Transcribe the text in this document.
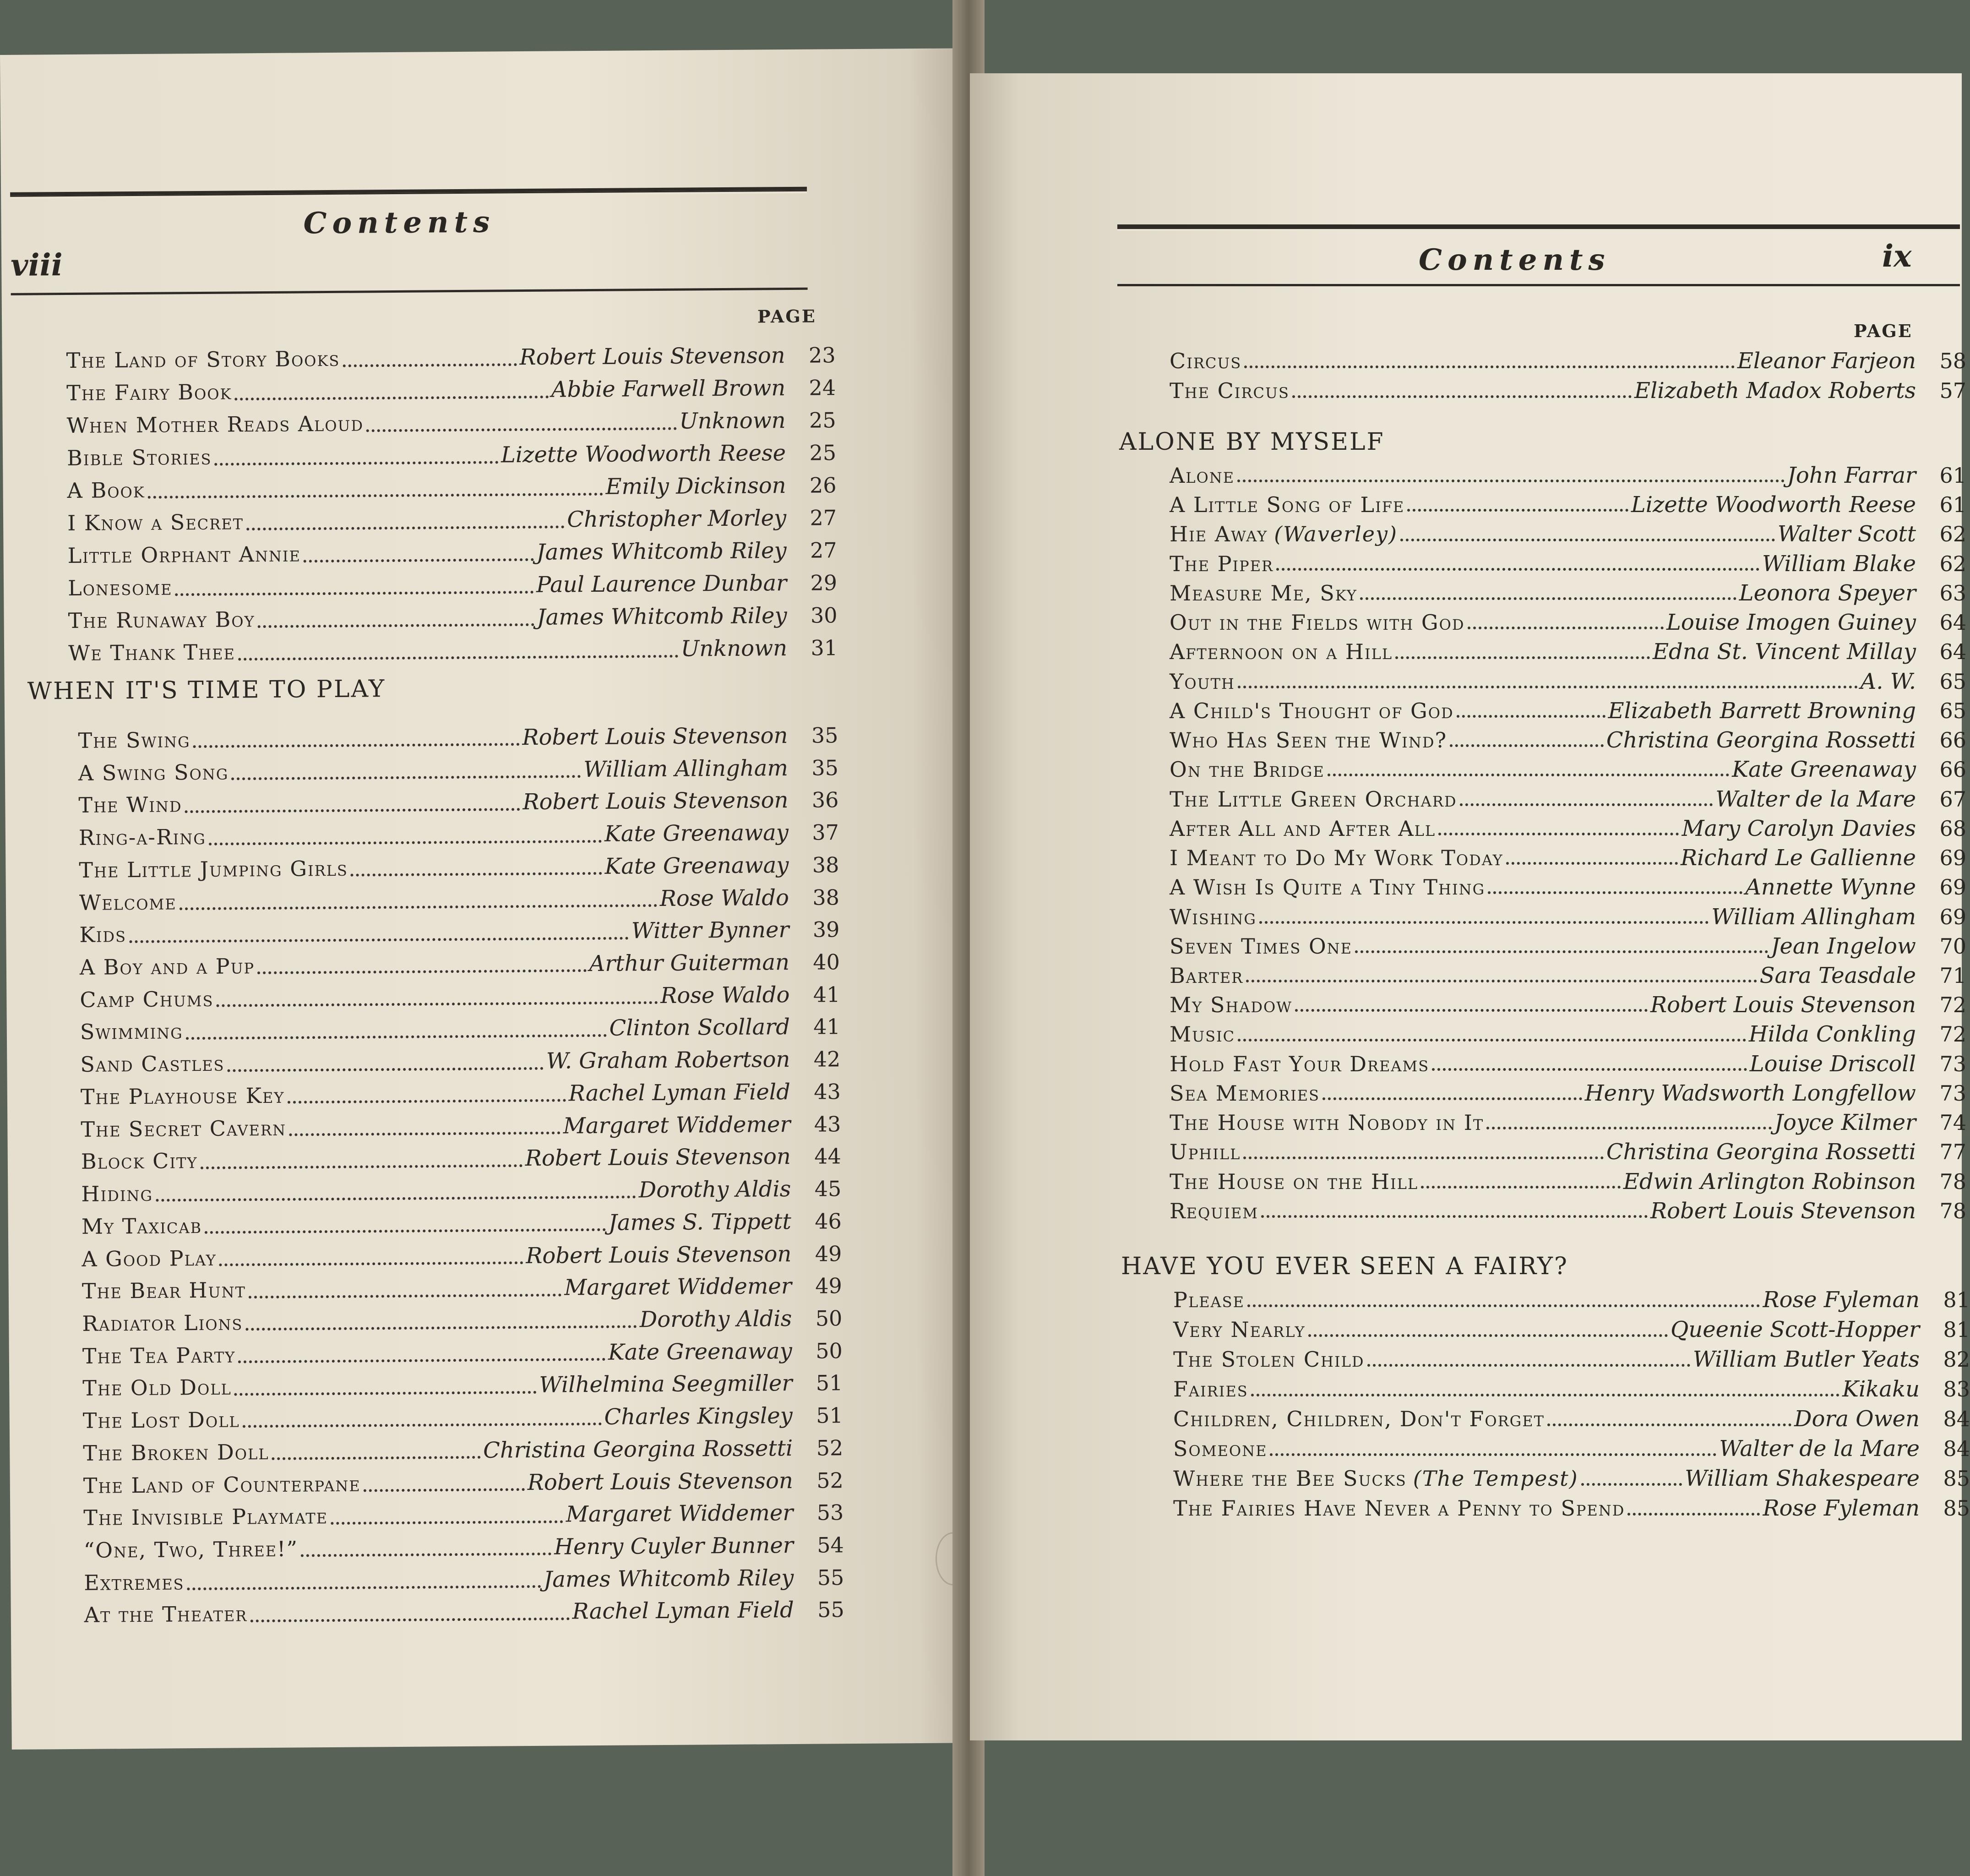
Contents
viii
PAGE
The Land of Story Books	Robert Louis Stevenson	23
The Fairy Book	Abbie Farwell Brown	24
When Mother Reads Aloud	Unknown	25
Bible Stories	Lizette Woodworth Reese	25
A Book	Emily Dickinson	26
I Know a Secret	Christopher Morley	27
Little Orphant Annie	James Whitcomb Riley	27
Lonesome	Paul Laurence Dunbar	29
The Runaway Boy	James Whitcomb Riley	30
We Thank Thee	Unknown	31
WHEN IT'S TIME TO PLAY
The Swing	Robert Louis Stevenson	35
A Swing Song	William Allingham	35
The Wind	Robert Louis Stevenson	36
Ring-a-Ring	Kate Greenaway	37
The Little Jumping Girls	Kate Greenaway	38
Welcome	Rose Waldo	38
Kids	Witter Bynner	39
A Boy and a Pup	Arthur Guiterman	40
Camp Chums	Rose Waldo	41
Swimming	Clinton Scollard	41
Sand Castles	W. Graham Robertson	42
The Playhouse Key	Rachel Lyman Field	43
The Secret Cavern	Margaret Widdemer	43
Block City	Robert Louis Stevenson	44
Hiding	Dorothy Aldis	45
My Taxicab	James S. Tippett	46
A Good Play	Robert Louis Stevenson	49
The Bear Hunt	Margaret Widdemer	49
Radiator Lions	Dorothy Aldis	50
The Tea Party	Kate Greenaway	50
The Old Doll	Wilhelmina Seegmiller	51
The Lost Doll	Charles Kingsley	51
The Broken Doll	Christina Georgina Rossetti	52
The Land of Counterpane	Robert Louis Stevenson	52
The Invisible Playmate	Margaret Widdemer	53
“One, Two, Three!”	Henry Cuyler Bunner	54
Extremes	James Whitcomb Riley	55
At the Theater	Rachel Lyman Field	55
Contents	ix
PAGE
Circus	Eleanor Farjeon	58
The Circus	Elizabeth Madox Roberts	57
ALONE BY MYSELF
Alone	John Farrar	61
A Little Song of Life	Lizette Woodworth Reese	61
Hie Away (Waverley)	Walter Scott	62
The Piper	William Blake	62
Measure Me, Sky	Leonora Speyer	63
Out in the Fields with God	Louise Imogen Guiney	64
Afternoon on a Hill	Edna St. Vincent Millay	64
Youth	A. W.	65
A Child's Thought of God	Elizabeth Barrett Browning	65
Who Has Seen the Wind?	Christina Georgina Rossetti	66
On the Bridge	Kate Greenaway	66
The Little Green Orchard	Walter de la Mare	67
After All and After All	Mary Carolyn Davies	68
I Meant to Do My Work Today	Richard Le Gallienne	69
A Wish Is Quite a Tiny Thing	Annette Wynne	69
Wishing	William Allingham	69
Seven Times One	Jean Ingelow	70
Barter	Sara Teasdale	71
My Shadow	Robert Louis Stevenson	72
Music	Hilda Conkling	72
Hold Fast Your Dreams	Louise Driscoll	73
Sea Memories	Henry Wadsworth Longfellow	73
The House with Nobody in It	Joyce Kilmer	74
Uphill	Christina Georgina Rossetti	77
The House on the Hill	Edwin Arlington Robinson	78
Requiem	Robert Louis Stevenson	78
HAVE YOU EVER SEEN A FAIRY?
Please	Rose Fyleman	81
Very Nearly	Queenie Scott-Hopper	81
The Stolen Child	William Butler Yeats	82
Fairies	Kikaku	83
Children, Children, Don't Forget	Dora Owen	84
Someone	Walter de la Mare	84
Where the Bee Sucks (The Tempest)	William Shakespeare	85
The Fairies Have Never a Penny to Spend	Rose Fyleman	85
